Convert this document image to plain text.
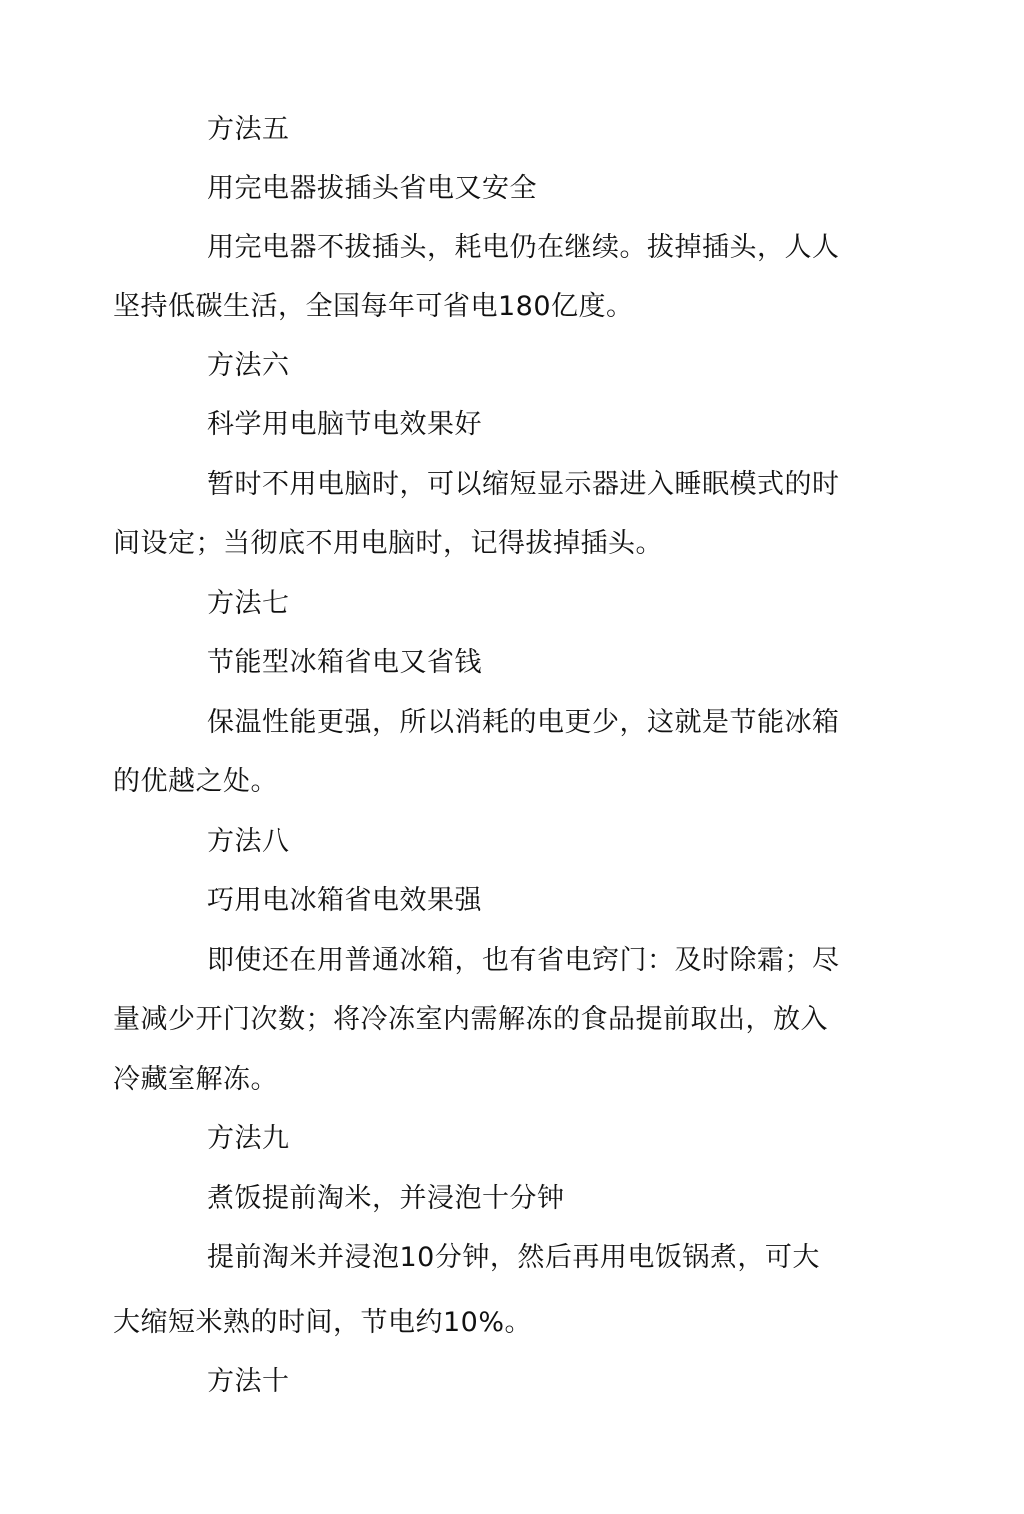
方法五

用完电器拔插头省电又安全

用完电器不拔插头，耗电仍在继续。拔掉插头，人人

坚持低碳生活，全国每年可省电180亿度。

方法六

科学用电脑节电效果好

暂时不用电脑时，可以缩短显示器进入睡眠模式的时

间设定；当彻底不用电脑时，记得拔掉插头。

方法七

节能型冰箱省电又省钱

保温性能更强，所以消耗的电更少，这就是节能冰箱

的优越之处。

方法八

巧用电冰箱省电效果强

即使还在用普通冰箱，也有省电窍门：及时除霜；尽

量减少开门次数；将冷冻室内需解冻的食品提前取出，放入

冷藏室解冻。

方法九

煮饭提前淘米，并浸泡十分钟

提前淘米并浸泡10分钟，然后再用电饭锅煮，可大

大缩短米熟的时间，节电约10%。

方法十
